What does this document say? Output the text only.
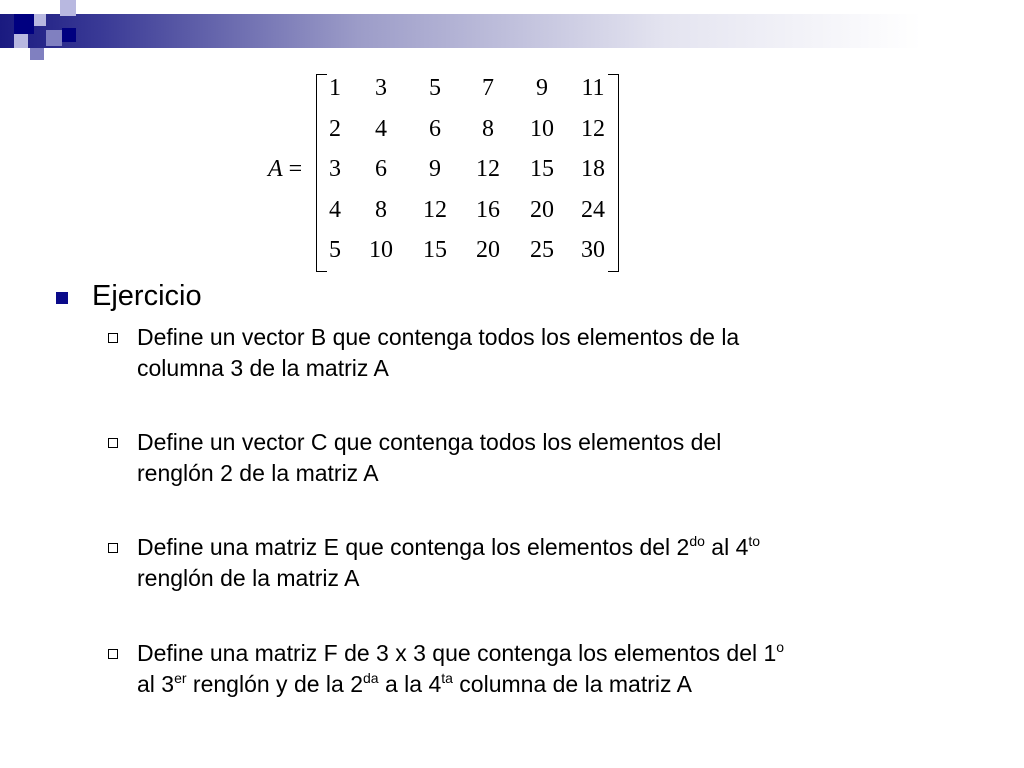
A =
1	3	5	7	9	11
2	4	6	8	10	12
3	6	9	12	15	18
4	8	12	16	20	24
5	10	15	20	25	30
Ejercicio
Define un vector B que contenga todos los elementos de la
columna 3 de la matriz A
Define un vector C que contenga todos los elementos del
renglón 2 de la matriz A
Define una matriz E que contenga los elementos del $2^{do}$ al $4^{to}$
renglón de la matriz A
Define una matriz F de 3 x 3 que contenga los elementos del 1$^o$
al 3er renglón y de la $2^{da}$ a la $4^{ta}$ columna de la matriz A
